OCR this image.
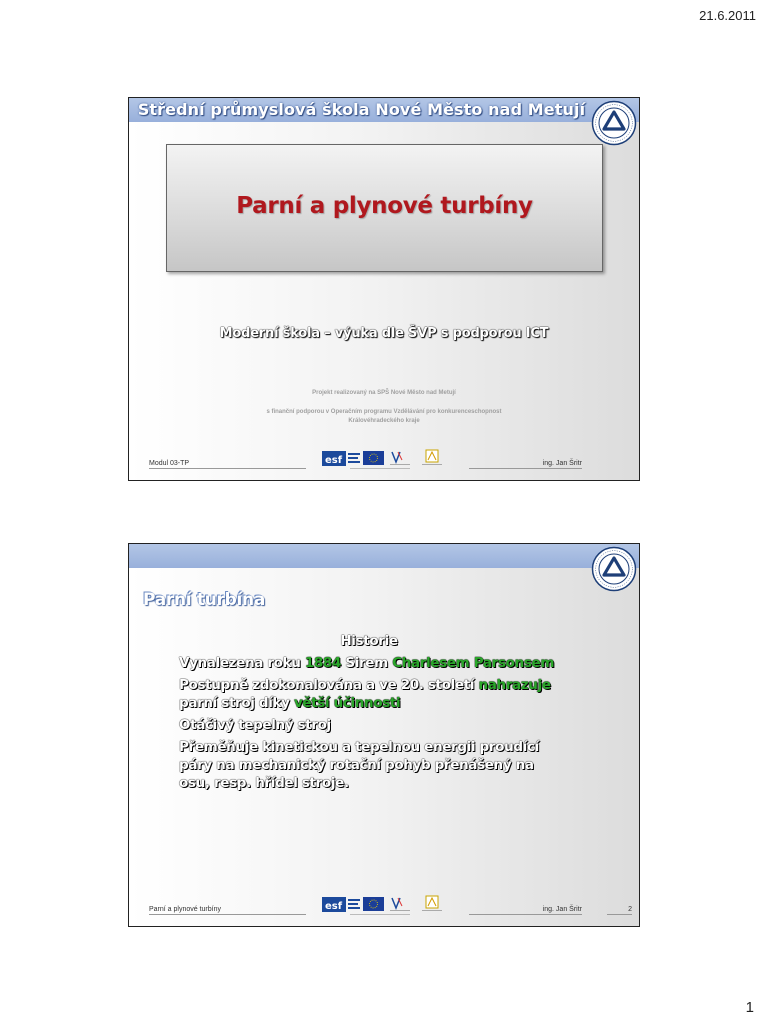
21.6.2011
Střední průmyslová škola Nové Město nad Metují
Parní a plynové turbíny
Moderní škola – výuka dle ŠVP s podporou ICT
Projekt realizovaný na SPŠ Nové Město nad Metují
s finanční podporou v Operačním programu Vzdělávání pro konkurenceschopnost
Královéhradeckého kraje
Modul 03-TP	esf	ing. Jan Šritr
Parní turbína
Historie
Vynalezena roku 1884 Sirem Charlesem Parsonsem
Postupně zdokonalována a ve 20. století nahrazuje
parní stroj díky větší účinnosti
Otáčivý tepelný stroj
Přeměňuje kinetickou a tepelnou energii proudící
páry na mechanický rotační pohyb přenášený na
osu, resp. hřídel stroje.
Parní a plynové turbíny	esf	ing. Jan Šritr	2
1
